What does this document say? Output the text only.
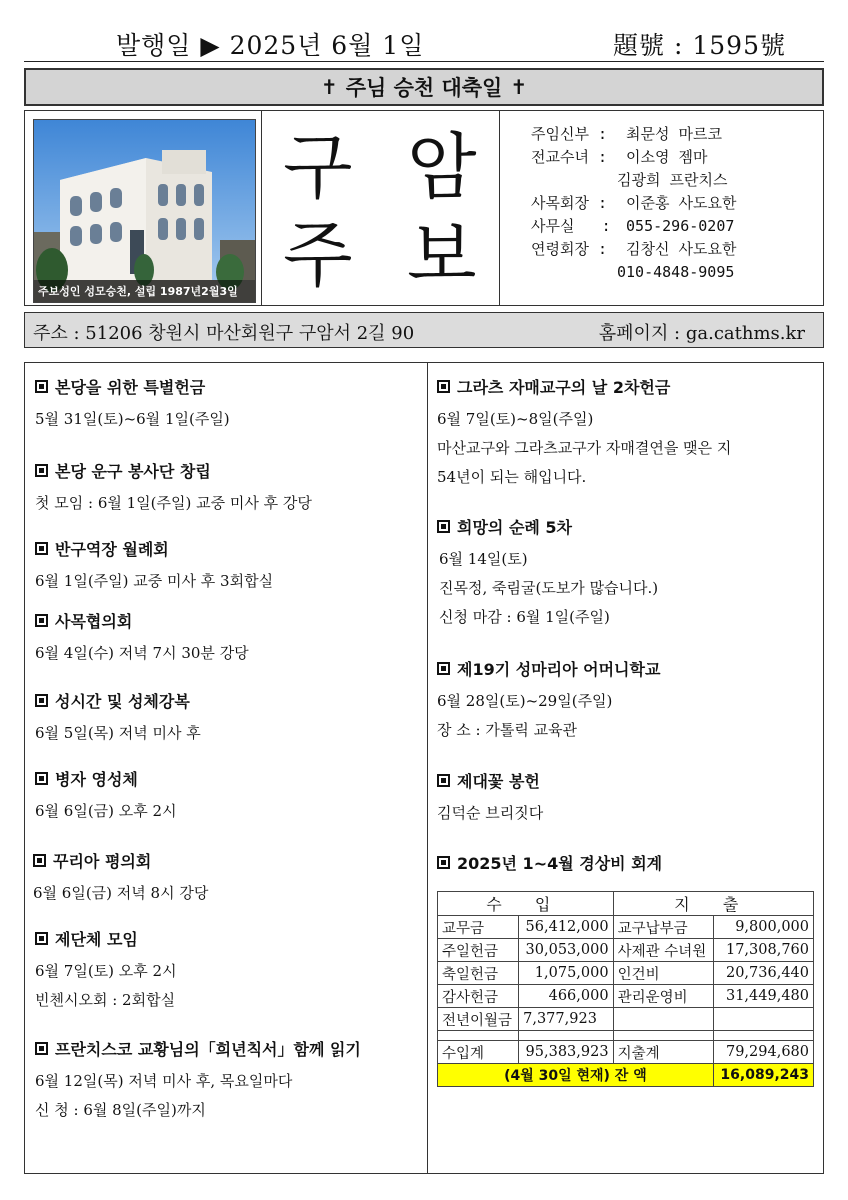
발행일 ▶ 2025년 6월 1일	題號 : 1595號
✝ 주님 승천 대축일 ✝
주보성인 성모승천, 설립 1987년2월3일
구 암
주 보
주임신부 : 최문성 마르코
전교수녀 : 이소영 젬마
김광희 프란치스
사목회장 : 이준홍 사도요한
사무실   : 055-296-0207
연령회장 : 김창신 사도요한
010-4848-9095
주소 : 51206 창원시 마산회원구 구암서 2길 90	홈페이지 : ga.cathms.kr
본당을 위한 특별헌금
5월 31일(토)~6월 1일(주일)
본당 운구 봉사단 창립
첫 모임 : 6월 1일(주일) 교중 미사 후 강당
반구역장 월례회
6월 1일(주일) 교중 미사 후 3회합실
사목협의회
6월 4일(수) 저녁 7시 30분 강당
성시간 및 성체강복
6월 5일(목) 저녁 미사 후
병자 영성체
6월 6일(금) 오후 2시
꾸리아 평의회
6월 6일(금) 저녁 8시 강당
제단체 모임
6월 7일(토) 오후 2시
빈첸시오회 : 2회합실
프란치스코 교황님의「희년칙서」함께 읽기
6월 12일(목) 저녁 미사 후, 목요일마다
신 청 : 6월 8일(주일)까지
그라츠 자매교구의 날 2차헌금
6월 7일(토)~8일(주일)
마산교구와 그라츠교구가 자매결연을 맺은 지
54년이 되는 해입니다.
희망의 순례 5차
6월 14일(토)
진목정, 죽림굴(도보가 많습니다.)
신청 마감 : 6월 1일(주일)
제19기 성마리아 어머니학교
6월 28일(토)~29일(주일)
장 소 : 가톨릭 교육관
제대꽃 봉헌
김덕순 브리짓다
2025년 1~4월 경상비 회계
수 입		지 출	
교무금	56,412,000	교구납부금	9,800,000
주일헌금	30,053,000	사제관 수녀원	17,308,760
축일헌금	1,075,000	인건비	20,736,440
감사헌금	466,000	관리운영비	31,449,480
전년이월금	7,377,923		

수입계	95,383,923	지출계	79,294,680
(4월 30일 현재) 잔 액			16,089,243
